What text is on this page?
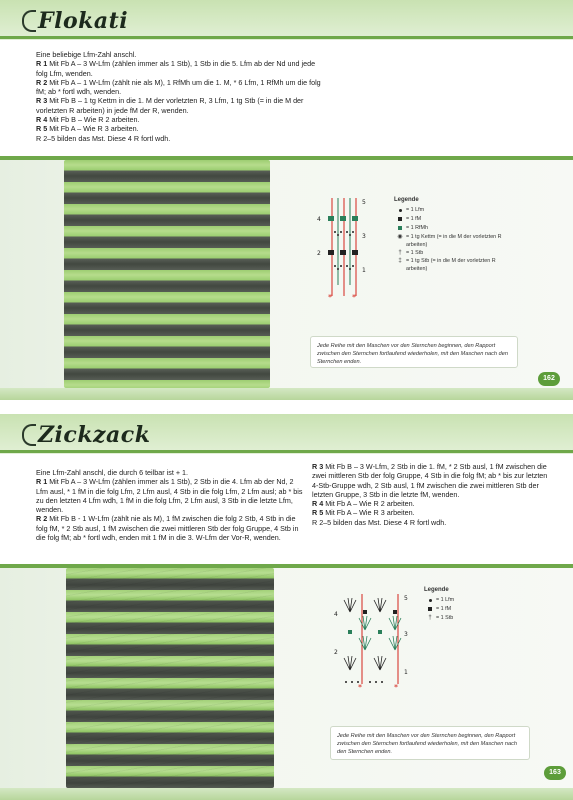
Flokati

Eine beliebige Lfm-Zahl anschl.

R 1 Mit Fb A – 3 W-Lfm (zählen immer als 1 Stb), 1 Stb in die 5. Lfm ab der Nd und jede folg Lfm, wenden.

R 2 Mit Fb A – 1 W-Lfm (zählt nie als M), 1 RfMh um die 1. M, * 6 Lfm, 1 RfMh um die folg fM; ab * fortl wdh, wenden.

R 3 Mit Fb B – 1 tg Kettm in die 1. M der vorletzten R, 3 Lfm, 1 tg Stb (= in die M der vorletzten R arbeiten) in jede fM der R, wenden.

R 4 Mit Fb B – Wie R 2 arbeiten.

R 5 Mit Fb A – Wie R 3 arbeiten.

R 2–5 bilden das Mst. Diese 4 R fortl wdh.

*	*
5
4
3
2
1
Legende
= 1 Lfm
= 1 fM
= 1 RfMh
◉ = 1 tg Kettm (= in die M der vorletzten R arbeiten)
† = 1 Stb
‡ = 1 tg Stb (= in die M der vorletzten R arbeiten)
Jede Reihe mit den Maschen vor den Sternchen beginnen, den Rapport zwischen den Sternchen fortlaufend wiederholen, mit den Maschen nach den Sternchen enden.
162
Zickzack

Eine Lfm-Zahl anschl, die durch 6 teilbar ist + 1.

R 1 Mit Fb A – 3 W-Lfm (zählen immer als 1 Stb), 2 Stb in die 4. Lfm ab der Nd, 2 Lfm ausl, * 1 fM in die folg Lfm, 2 Lfm ausl, 4 Stb in die folg Lfm, 2 Lfm ausl; ab * bis zu den letzten 4 Lfm wdh, 1 fM in die folg Lfm, 2 Lfm ausl, 3 Stb in die letzte Lfm, wenden.

R 2 Mit Fb B - 1 W-Lfm (zählt nie als M), 1 fM zwischen die folg 2 Stb, 4 Stb in die folg fM, * 2 Stb ausl, 1 fM zwischen die zwei mittleren Stb der folg Gruppe, 4 Stb in die folg fM; ab * fortl wdh, enden mit 1 fM in die 3. W-Lfm der Vor-R, wenden.

R 3 Mit Fb B – 3 W-Lfm, 2 Stb in die 1. fM, * 2 Stb ausl, 1 fM zwischen die zwei mittleren Stb der folg Gruppe, 4 Stb in die folg fM; ab * bis zur letzten 4-Stb-Gruppe wdh, 2 Stb ausl, 1 fM zwischen die zwei mittleren Stb der letzten Gruppe, 3 Stb in die letzte fM, wenden.

R 4 Mit Fb A – Wie R 2 arbeiten.

R 5 Mit Fb A – Wie R 3 arbeiten.

R 2–5 bilden das Mst. Diese 4 R fortl wdh.

*	*
5
4
3
2
1
Legende
= 1 Lfm
= 1 fM
† = 1 Stb
Jede Reihe mit den Maschen vor den Sternchen beginnen, den Rapport zwischen den Sternchen fortlaufend wiederholen, mit den Maschen nach den Sternchen enden.
163
